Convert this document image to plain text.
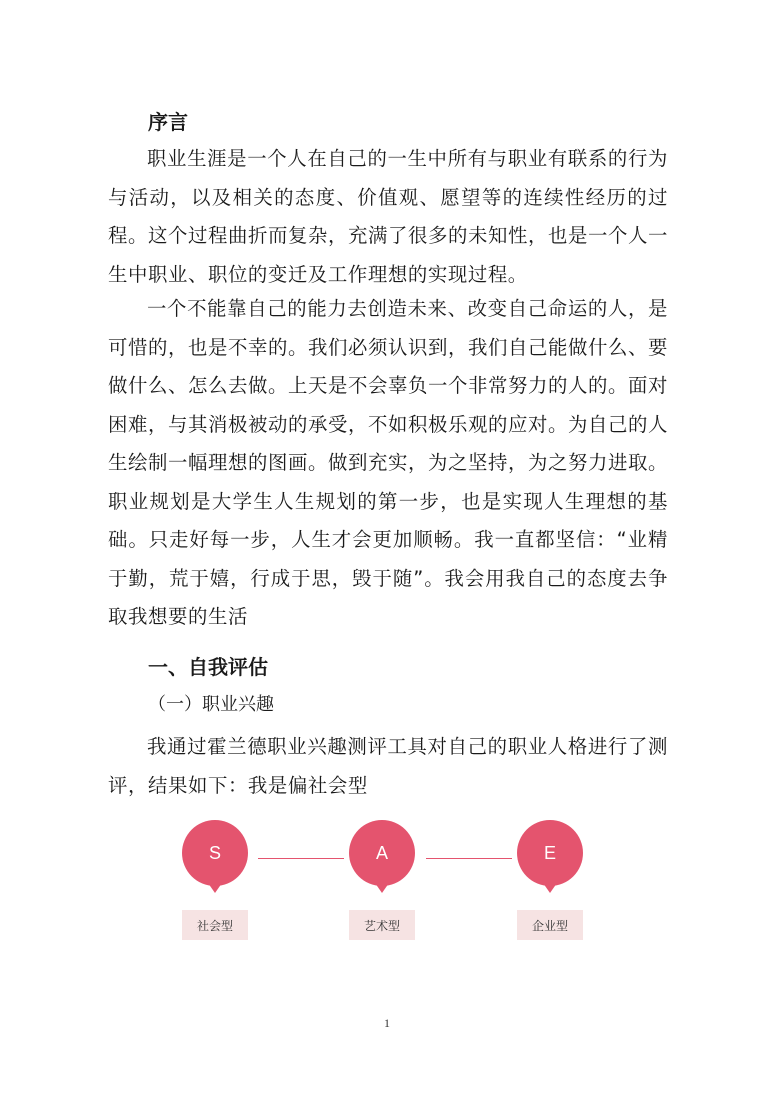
序言

职业生涯是一个人在自己的一生中所有与职业有联系的行为与活动，以及相关的态度、价值观、愿望等的连续性经历的过程。这个过程曲折而复杂，充满了很多的未知性，也是一个人一生中职业、职位的变迁及工作理想的实现过程。

一个不能靠自己的能力去创造未来、改变自己命运的人，是可惜的，也是不幸的。我们必须认识到，我们自己能做什么、要做什么、怎么去做。上天是不会辜负一个非常努力的人的。面对困难，与其消极被动的承受，不如积极乐观的应对。为自己的人生绘制一幅理想的图画。做到充实，为之坚持，为之努力进取。职业规划是大学生人生规划的第一步，也是实现人生理想的基础。只走好每一步，人生才会更加顺畅。我一直都坚信：“业精于勤，荒于嬉，行成于思，毁于随”。我会用我自己的态度去争取我想要的生活

一、自我评估

（一）职业兴趣

我通过霍兰德职业兴趣测评工具对自己的职业人格进行了测评，结果如下：我是偏社会型

S
社会型
A
艺术型
E
企业型
1
